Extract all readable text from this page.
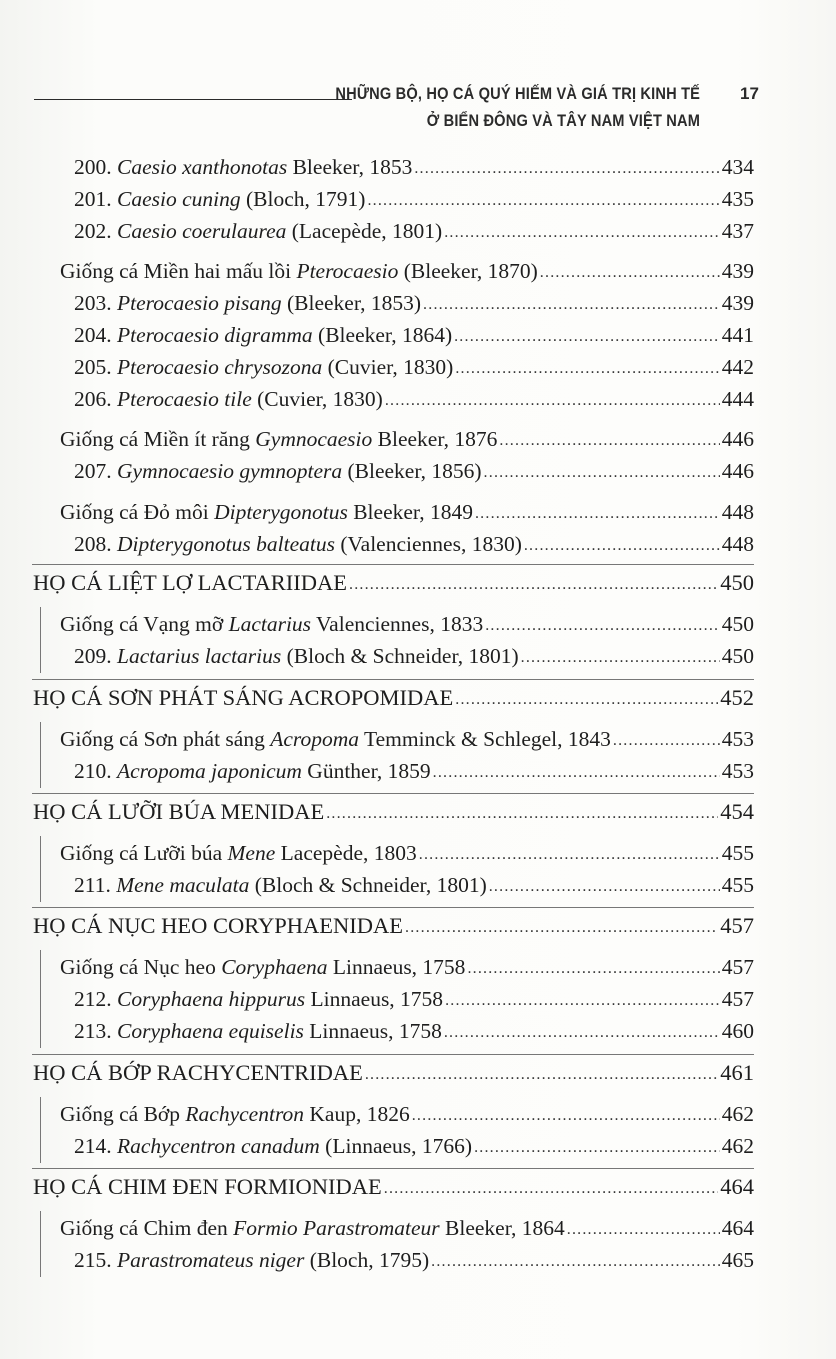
NHỮNG BỘ, HỌ CÁ QUÝ HIẾM VÀ GIÁ TRỊ KINH TẾ
Ở BIỂN ĐÔNG VÀ TÂY NAM VIỆT NAM
17
200. Caesio xanthonotas Bleeker, 1853 .....	434
201. Caesio cuning (Bloch, 1791) .....	435
202. Caesio coerulaurea (Lacepède, 1801) .....	437
Giống cá Miền hai mấu lồi Pterocaesio (Bleeker, 1870) .....	439
203. Pterocaesio pisang (Bleeker, 1853) .....	439
204. Pterocaesio digramma (Bleeker, 1864) .....	441
205. Pterocaesio chrysozona (Cuvier, 1830) .....	442
206. Pterocaesio tile (Cuvier, 1830) .....	444
Giống cá Miền ít răng Gymnocaesio Bleeker, 1876 .....	446
207. Gymnocaesio gymnoptera (Bleeker, 1856) .....	446
Giống cá Đỏ môi Dipterygonotus Bleeker, 1849 .....	448
208. Dipterygonotus balteatus (Valenciennes, 1830) .....	448
HỌ CÁ LIỆT LỢ LACTARIIDAE .....	450
Giống cá Vạng mỡ Lactarius Valenciennes, 1833 .....	450
209. Lactarius lactarius (Bloch & Schneider, 1801) .....	450
HỌ CÁ SƠN PHÁT SÁNG ACROPOMIDAE .....	452
Giống cá Sơn phát sáng Acropoma Temminck & Schlegel, 1843 .....	453
210. Acropoma japonicum Günther, 1859 .....	453
HỌ CÁ LƯỠI BÚA MENIDAE .....	454
Giống cá Lưỡi búa Mene Lacepède, 1803 .....	455
211. Mene maculata (Bloch & Schneider, 1801) .....	455
HỌ CÁ NỤC HEO CORYPHAENIDAE .....	457
Giống cá Nục heo Coryphaena Linnaeus, 1758 .....	457
212. Coryphaena hippurus Linnaeus, 1758 .....	457
213. Coryphaena equiselis Linnaeus, 1758 .....	460
HỌ CÁ BỚP RACHYCENTRIDAE .....	461
Giống cá Bớp Rachycentron Kaup, 1826 .....	462
214. Rachycentron canadum (Linnaeus, 1766) .....	462
HỌ CÁ CHIM ĐEN FORMIONIDAE .....	464
Giống cá Chim đen Formio Parastromateur Bleeker, 1864 .....	464
215. Parastromateus niger (Bloch, 1795) .....	465
